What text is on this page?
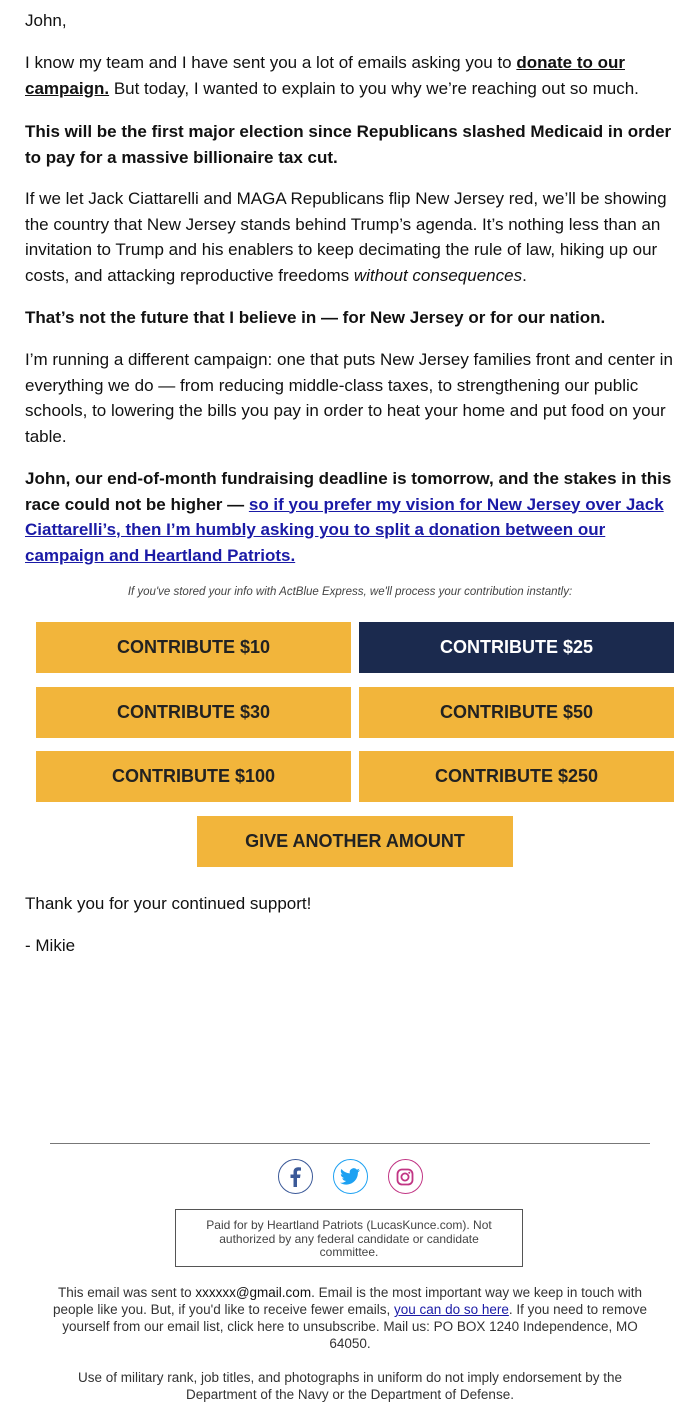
John,

I know my team and I have sent you a lot of emails asking you to donate to our campaign. But today, I wanted to explain to you why we’re reaching out so much.

This will be the first major election since Republicans slashed Medicaid in order to pay for a massive billionaire tax cut.

If we let Jack Ciattarelli and MAGA Republicans flip New Jersey red, we’ll be showing the country that New Jersey stands behind Trump’s agenda. It’s nothing less than an invitation to Trump and his enablers to keep decimating the rule of law, hiking up our costs, and attacking reproductive freedoms without consequences.

That’s not the future that I believe in — for New Jersey or for our nation.

I’m running a different campaign: one that puts New Jersey families front and center in everything we do — from reducing middle-class taxes, to strengthening our public schools, to lowering the bills you pay in order to heat your home and put food on your table.

John, our end-of-month fundraising deadline is tomorrow, and the stakes in this race could not be higher — so if you prefer my vision for New Jersey over Jack Ciattarelli’s, then I’m humbly asking you to split a donation between our campaign and Heartland Patriots.

If you've stored your info with ActBlue Express, we'll process your contribution instantly:

CONTRIBUTE $10	CONTRIBUTE $25
CONTRIBUTE $30	CONTRIBUTE $50
CONTRIBUTE $100	CONTRIBUTE $250
GIVE ANOTHER AMOUNT

Thank you for your continued support!

- Mikie

Paid for by Heartland Patriots (LucasKunce.com). Not authorized by any federal candidate or candidate committee.

This email was sent to xxxxxx@gmail.com. Email is the most important way we keep in touch with people like you. But, if you'd like to receive fewer emails, you can do so here. If you need to remove yourself from our email list, click here to unsubscribe. Mail us: PO BOX 1240 Independence, MO 64050.

Use of military rank, job titles, and photographs in uniform do not imply endorsement by the Department of the Navy or the Department of Defense.
